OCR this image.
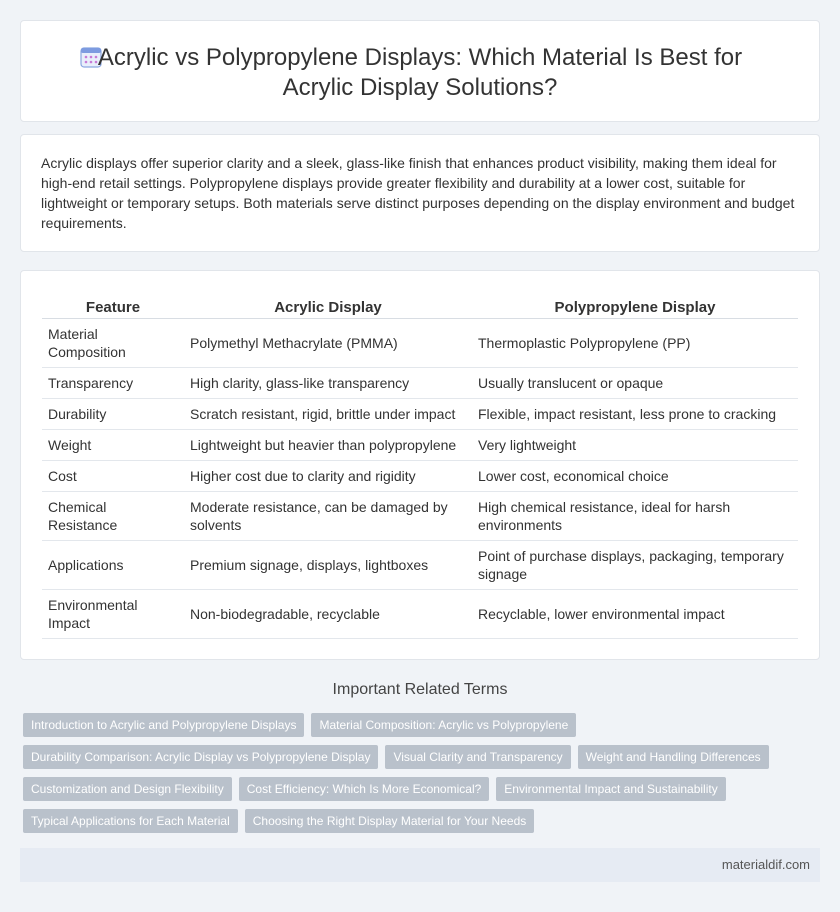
Acrylic vs Polypropylene Displays: Which Material Is Best for
Acrylic Display Solutions?

Acrylic displays offer superior clarity and a sleek, glass-like finish that enhances product visibility, making them ideal for high-end retail settings. Polypropylene displays provide greater flexibility and durability at a lower cost, suitable for lightweight or temporary setups. Both materials serve distinct purposes depending on the display environment and budget requirements.

Feature	Acrylic Display	Polypropylene Display
Material Composition	Polymethyl Methacrylate (PMMA)	Thermoplastic Polypropylene (PP)
Transparency	High clarity, glass-like transparency	Usually translucent or opaque
Durability	Scratch resistant, rigid, brittle under impact	Flexible, impact resistant, less prone to cracking
Weight	Lightweight but heavier than polypropylene	Very lightweight
Cost	Higher cost due to clarity and rigidity	Lower cost, economical choice
Chemical Resistance	Moderate resistance, can be damaged by solvents	High chemical resistance, ideal for harsh environments
Applications	Premium signage, displays, lightboxes	Point of purchase displays, packaging, temporary signage
Environmental Impact	Non-biodegradable, recyclable	Recyclable, lower environmental impact
Important Related Terms
Introduction to Acrylic and Polypropylene Displays	Material Composition: Acrylic vs Polypropylene
Durability Comparison: Acrylic Display vs Polypropylene Display	Visual Clarity and Transparency	Weight and Handling Differences
Customization and Design Flexibility	Cost Efficiency: Which Is More Economical?	Environmental Impact and Sustainability
Typical Applications for Each Material	Choosing the Right Display Material for Your Needs
materialdif.com
